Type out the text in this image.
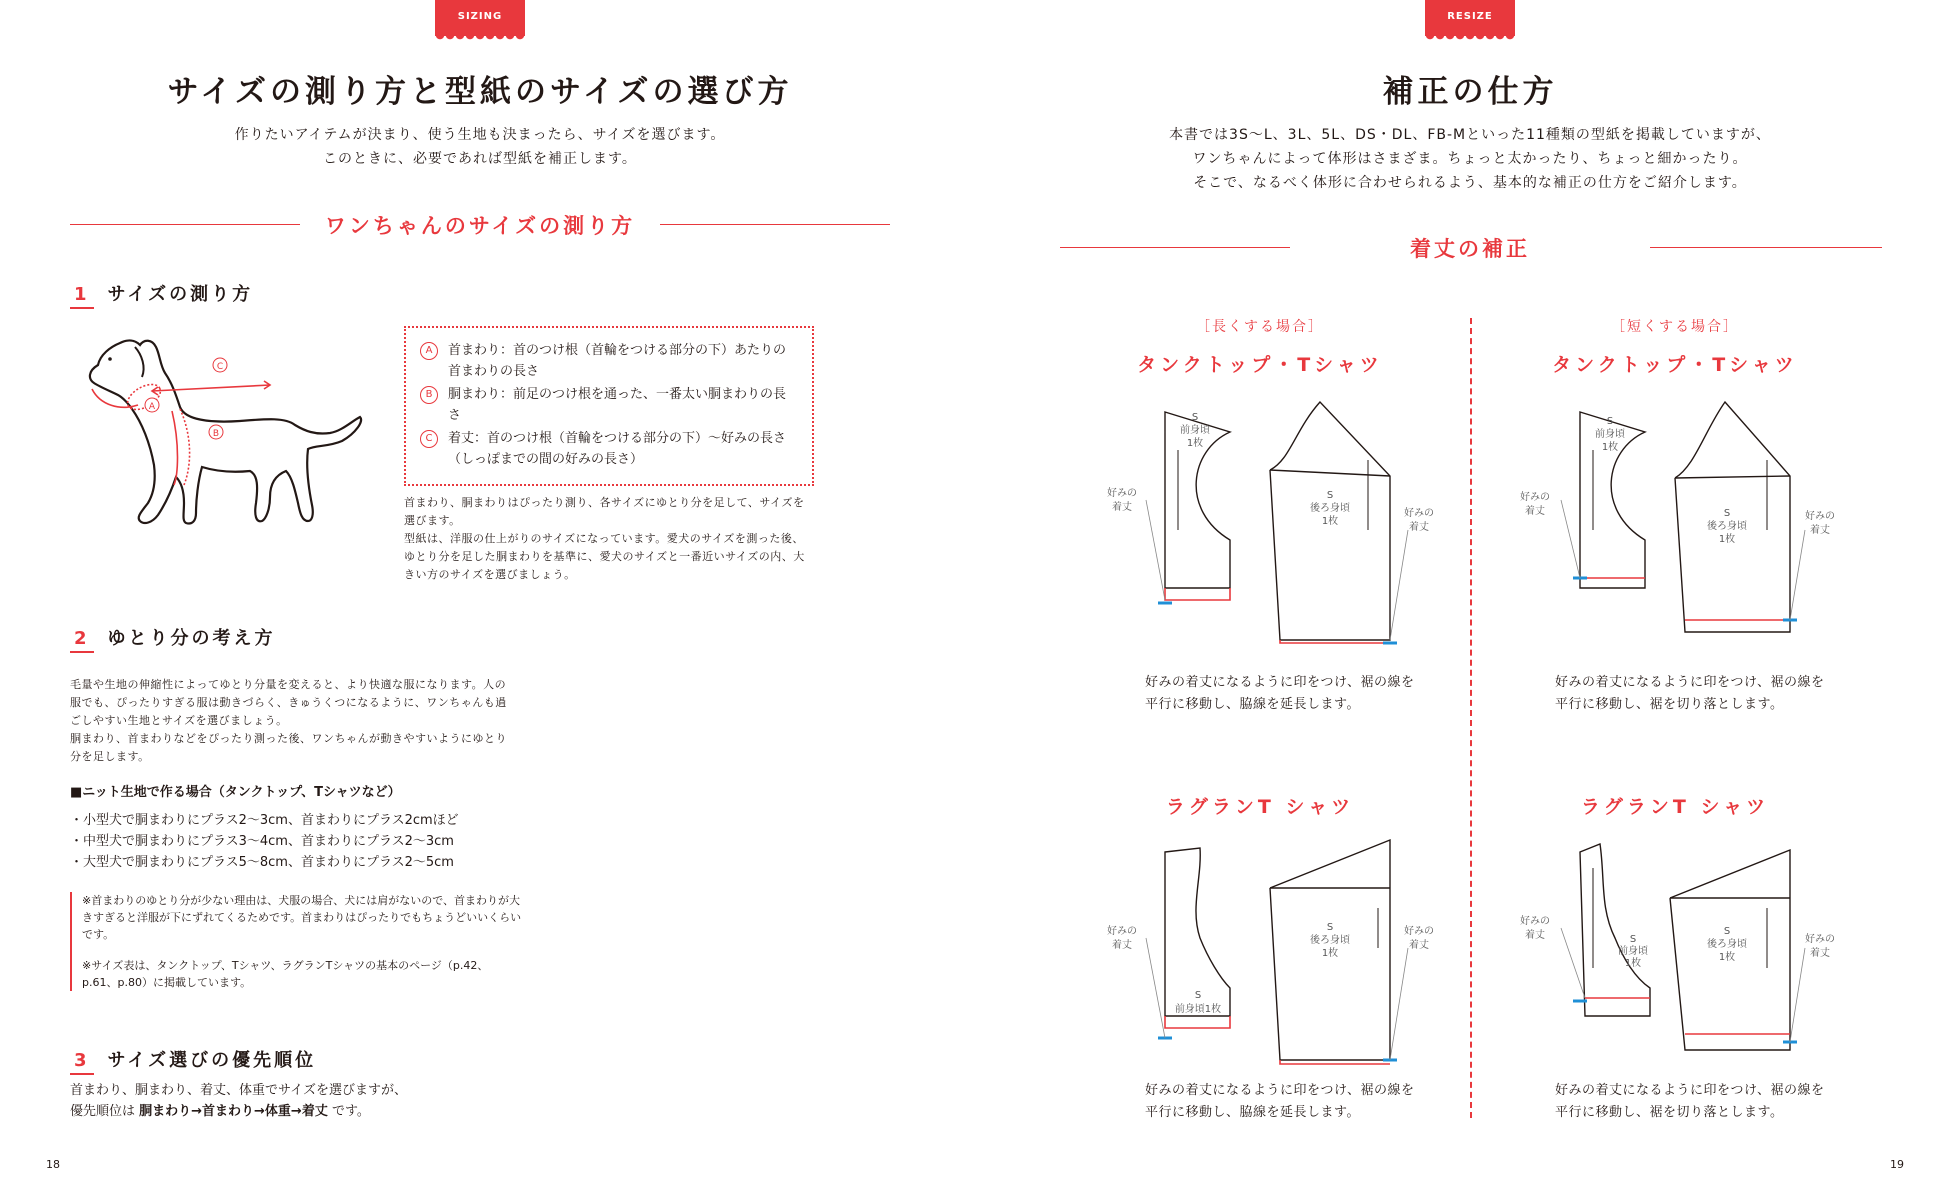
SIZING
サイズの測り方と型紙のサイズの選び方
作りたいアイテムが決まり、使う生地も決まったら、サイズを選びます。
このときに、必要であれば型紙を補正します。
ワンちゃんのサイズの測り方
1 サイズの測り方
A
B
C
A	首まわり：首のつけ根（首輪をつける部分の下）あたりの首まわりの長さ
B	胴まわり：前足のつけ根を通った、一番太い胴まわりの長さ
C	着丈：首のつけ根（首輪をつける部分の下）～好みの長さ（しっぽまでの間の好みの長さ）
首まわり、胴まわりはぴったり測り、各サイズにゆとり分を足して、サイズを選びます。
型紙は、洋服の仕上がりのサイズになっています。愛犬のサイズを測った後、ゆとり分を足した胴まわりを基準に、愛犬のサイズと一番近いサイズの内、大きい方のサイズを選びましょう。
2 ゆとり分の考え方
毛量や生地の伸縮性によってゆとり分量を変えると、より快適な服になります。人の服でも、ぴったりすぎる服は動きづらく、きゅうくつになるように、ワンちゃんも過ごしやすい生地とサイズを選びましょう。
胴まわり、首まわりなどをぴったり測った後、ワンちゃんが動きやすいようにゆとり分を足します。
■ニット生地で作る場合（タンクトップ、Tシャツなど）
・小型犬で胴まわりにプラス2～3cm、首まわりにプラス2cmほど
・中型犬で胴まわりにプラス3～4cm、首まわりにプラス2～3cm
・大型犬で胴まわりにプラス5～8cm、首まわりにプラス2～5cm
※首まわりのゆとり分が少ない理由は、犬服の場合、犬には肩がないので、首まわりが大きすぎると洋服が下にずれてくるためです。首まわりはぴったりでもちょうどいいくらいです。
※サイズ表は、タンクトップ、Tシャツ、ラグランTシャツの基本のページ（p.42、p.61、p.80）に掲載しています。
3 サイズ選びの優先順位
首まわり、胴まわり、着丈、体重でサイズを選びますが、
優先順位は 胴まわり→首まわり→体重→着丈 です。
18
RESIZE
補正の仕方
本書では3S～L、3L、5L、DS・DL、FB-Mといった11種類の型紙を掲載していますが、
ワンちゃんによって体形はさまざま。ちょっと太かったり、ちょっと細かったり。
そこで、なるべく体形に合わせられるよう、基本的な補正の仕方をご紹介します。
着丈の補正
［長くする場合］	［短くする場合］
タンクトップ・Tシャツ	タンクトップ・Tシャツ
ラグランT シャツ	ラグランT シャツ
S
前身頃
1枚
S
後ろ身頃
1枚
好みの
着丈
好みの
着丈
S
前身頃
1枚
S
後ろ身頃
1枚
好みの
着丈	好みの
着丈
好みの着丈になるように印をつけ、裾の線を
平行に移動し、脇線を延長します。
好みの着丈になるように印をつけ、裾の線を
平行に移動し、裾を切り落とします。
S
前身頃1枚
S
後ろ身頃
1枚
好みの
着丈
好みの
着丈
S
前身頃
1枚
S
後ろ身頃
1枚
好みの
着丈	好みの
着丈
好みの着丈になるように印をつけ、裾の線を
平行に移動し、脇線を延長します。
好みの着丈になるように印をつけ、裾の線を
平行に移動し、裾を切り落とします。
19
